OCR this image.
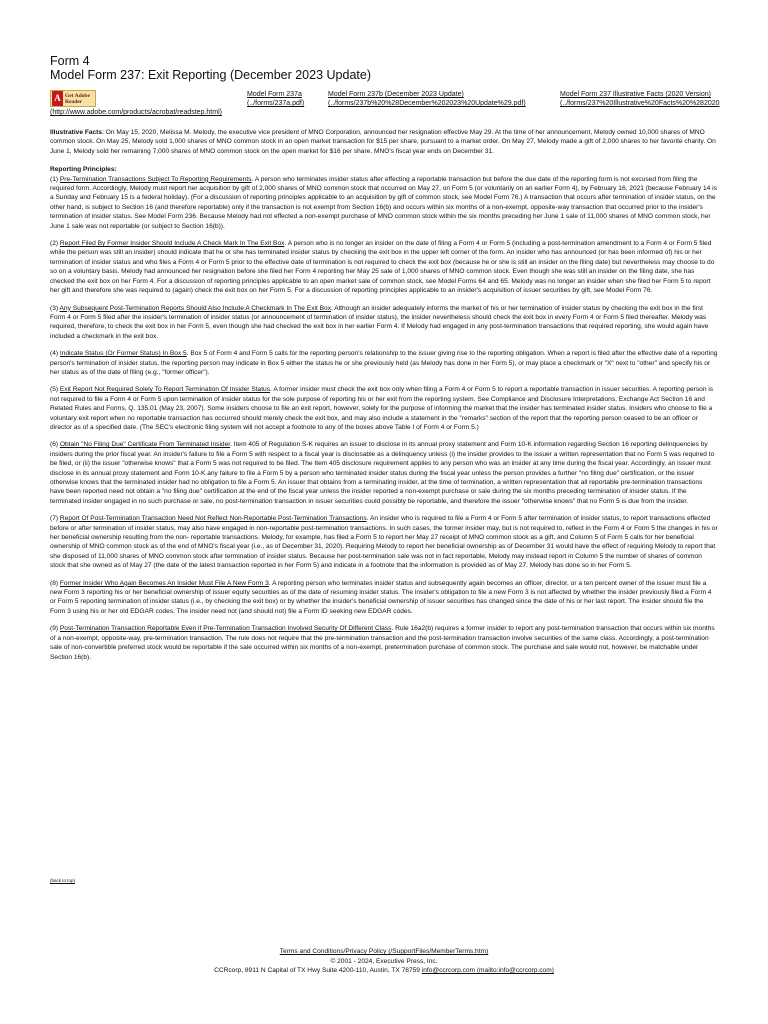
Form 4
Model Form 237: Exit Reporting (December 2023 Update)
A Get Adobe
Reader
(http://www.adobe.com/products/acrobat/readstep.html)
Model Form 237a
(../forms/237a.pdf)
Model Form 237b (December 2023 Update)
(../forms/237b%20%28December%202023%20Update%29.pdf)
Model Form 237 Illustrative Facts (2020 Version)
(../forms/237%20Illustrative%20Facts%20%282020

Illustrative Facts: On May 15, 2020, Melissa M. Melody, the executive vice president of MNO Corporation, announced her resignation effective May 29. At the time of her announcement, Melody owned 10,000 shares of MNO common stock. On May 25, Melody sold 1,000 shares of MNO common stock in an open market transaction for $15 per share, pursuant to a market order. On May 27, Melody made a gift of 2,000 shares to her favorite charity. On June 1, Melody sold her remaining 7,000 shares of MNO common stock on the open market for $16 per share. MNO's fiscal year ends on December 31.

Reporting Principles:

(1) Pre-Termination Transactions Subject To Reporting Requirements. A person who terminates insider status after effecting a reportable transaction but before the due date of the reporting form is not excused from filing the required form. Accordingly, Melody must report her acquisition by gift of 2,000 shares of MNO common stock that occurred on May 27, on Form 5 (or voluntarily on an earlier Form 4), by February 16, 2021 (because February 14 is a Sunday and February 15 is a federal holiday). (For a discussion of reporting principles applicable to an acquisition by gift of common stock, see Model Form 76.) A transaction that occurs after termination of insider status, on the other hand, is subject to Section 16 (and therefore reportable) only if the transaction is not exempt from Section 16(b) and occurs within six months of a non-exempt, opposite-way transaction that occurred prior to the insider's termination of insider status. See Model Form 236. Because Melody had not effected a non-exempt purchase of MNO common stock within the six months preceding her June 1 sale of 11,000 shares of MNO common stock, her June 1 sale was not reportable (or subject to Section 16(b)).

(2) Report Filed By Former Insider Should Include A Check Mark In The Exit Box. A person who is no longer an insider on the date of filing a Form 4 or Form 5 (including a post-termination amendment to a Form 4 or Form 5 filed while the person was still an insider) should indicate that he or she has terminated insider status by checking the exit box in the upper left corner of the form. An insider who has announced (or has been informed of) his or her termination of insider status and who files a Form 4 or Form 5 prior to the effective date of termination is not required to check the exit box (because he or she is still an insider on the filing date) but nevertheless may choose to do so on a voluntary basis. Melody had announced her resignation before she filed her Form 4 reporting her May 25 sale of 1,000 shares of MNO common stock. Even though she was still an insider on the filing date, she has checked the exit box on her Form 4. For a discussion of reporting principles applicable to an open market sale of common stock, see Model Forms 64 and 65. Melody was no longer an insider when she filed her Form 5 to report her gift and therefore she was required to (again) check the exit box on her Form 5. For a discussion of reporting principles applicable to an insider's acquisition of issuer securities by gift, see Model Form 76.

(3) Any Subsequent Post-Termination Reports Should Also Include A Checkmark In The Exit Box. Although an insider adequately informs the market of his or her termination of insider status by checking the exit box in the first Form 4 or Form 5 filed after the insider's termination of insider status (or announcement of termination of insider status), the insider nevertheless should check the exit box in every Form 4 or Form 5 filed thereafter. Melody was required, therefore, to check the exit box in her Form 5, even though she had checked the exit box in her earlier Form 4. If Melody had engaged in any post-termination transactions that required reporting, she would again have included a checkmark in the exit box.

(4) Indicate Status (Or Former Status) In Box 5. Box 5 of Form 4 and Form 5 calls for the reporting person's relationship to the issuer giving rise to the reporting obligation. When a report is filed after the effective date of a reporting person's termination of insider status, the reporting person may indicate in Box 5 either the status he or she previously held (as Melody has done in her Form 5), or may place a checkmark or "X" next to "other" and specify his or her status as of the date of filing (e.g., "former officer").

(5) Exit Report Not Required Solely To Report Termination Of Insider Status. A former insider must check the exit box only when filing a Form 4 or Form 5 to report a reportable transaction in issuer securities. A reporting person is not required to file a Form 4 or Form 5 upon termination of insider status for the sole purpose of reporting his or her exit from the reporting system. See Compliance and Disclosure Interpretations, Exchange Act Section 16 and Related Rules and Forms, Q. 135.01 (May 23, 2007). Some insiders choose to file an exit report, however, solely for the purpose of informing the market that the insider has terminated insider status. Insiders who choose to file a voluntary exit report when no reportable transaction has occurred should merely check the exit box, and may also include a statement in the "remarks" section of the report that the reporting person ceased to be an officer or director as of a specified date. (The SEC's electronic filing system will not accept a footnote to any of the boxes above Table I of Form 4 or Form 5.)

(6) Obtain "No Filing Due" Certificate From Terminated Insider. Item 405 of Regulation S-K requires an issuer to disclose in its annual proxy statement and Form 10-K information regarding Section 16 reporting delinquencies by insiders during the prior fiscal year. An insider's failure to file a Form 5 with respect to a fiscal year is disclosable as a delinquency unless (i) the insider provides to the issuer a written representation that no Form 5 was required to be filed, or (ii) the issuer "otherwise knows" that a Form 5 was not required to be filed. The Item 405 disclosure requirement applies to any person who was an insider at any time during the fiscal year. Accordingly, an issuer must disclose in its annual proxy statement and Form 10-K any failure to file a Form 5 by a person who terminated insider status during the fiscal year unless the person provides a further "no filing due" certification, or the issuer otherwise knows that the terminated insider had no obligation to file a Form 5. An issuer that obtains from a terminating insider, at the time of termination, a written representation that all reportable pre-termination transactions have been reported need not obtain a "no filing due" certification at the end of the fiscal year unless the insider reported a non-exempt purchase or sale during the six months preceding termination of insider status. If the terminated insider engaged in no such purchase or sale, no post-termination transaction in issuer securities could possibly be reportable, and therefore the issuer "otherwise knows" that no Form 5 is due from the insider.

(7) Report Of Post-Termination Transaction Need Not Reflect Non-Reportable Post-Termination Transactions. An insider who is required to file a Form 4 or Form 5 after termination of insider status, to report transactions effected before or after termination of insider status, may also have engaged in non-reportable post-termination transactions. In such cases, the former insider may, but is not required to, reflect in the Form 4 or Form 5 the changes in his or her beneficial ownership resulting from the non- reportable transactions. Melody, for example, has filed a Form 5 to report her May 27 receipt of MNO common stock as a gift, and Column 5 of Form 5 calls for her beneficial ownership of MNO common stock as of the end of MNO's fiscal year (i.e., as of December 31, 2020). Requiring Melody to report her beneficial ownership as of December 31 would have the effect of requiring Melody to report that she disposed of 11,000 shares of MNO common stock after termination of insider status. Because her post-termination sale was not in fact reportable, Melody may instead report in Column 5 the number of shares of common stock that she owned as of May 27 (the date of the latest transaction reported in her Form 5) and indicate in a footnote that the information is provided as of May 27. Melody has done so in her Form 5.

(8) Former Insider Who Again Becomes An Insider Must File A New Form 3. A reporting person who terminates insider status and subsequently again becomes an officer, director, or a ten percent owner of the issuer must file a new Form 3 reporting his or her beneficial ownership of issuer equity securities as of the date of resuming insider status. The insider's obligation to file a new Form 3 is not affected by whether the insider previously filed a Form 4 or Form 5 reporting termination of insider status (i.e., by checking the exit box) or by whether the insider's beneficial ownership of issuer securities has changed since the date of his or her last report. The insider should file the Form 3 using his or her old EDGAR codes. The insider need not (and should not) file a Form ID seeking new EDGAR codes.

(9) Post-Termination Transaction Reportable Even if Pre-Termination Transaction Involved Security Of Different Class. Rule 16a2(b) requires a former insider to report any post-termination transaction that occurs within six months of a non-exempt, opposite-way, pre-termination transaction. The rule does not require that the pre-termination transaction and the post-termination transaction involve securities of the same class. Accordingly, a post-termination sale of non-convertible preferred stock would be reportable if the sale occurred within six months of a non-exempt, pretermination purchase of common stock. The purchase and sale would not, however, be matchable under Section 16(b).

(back to top)
Terms and Conditions/Privacy Policy (/SupportFiles/MemberTerms.htm)
© 2001 - 2024, Executive Press, Inc.
CCRcorp, 8911 N Capital of TX Hwy Suite 4200-110, Austin, TX 78759 info@ccrcorp.com (mailto:info@ccrcorp.com)
